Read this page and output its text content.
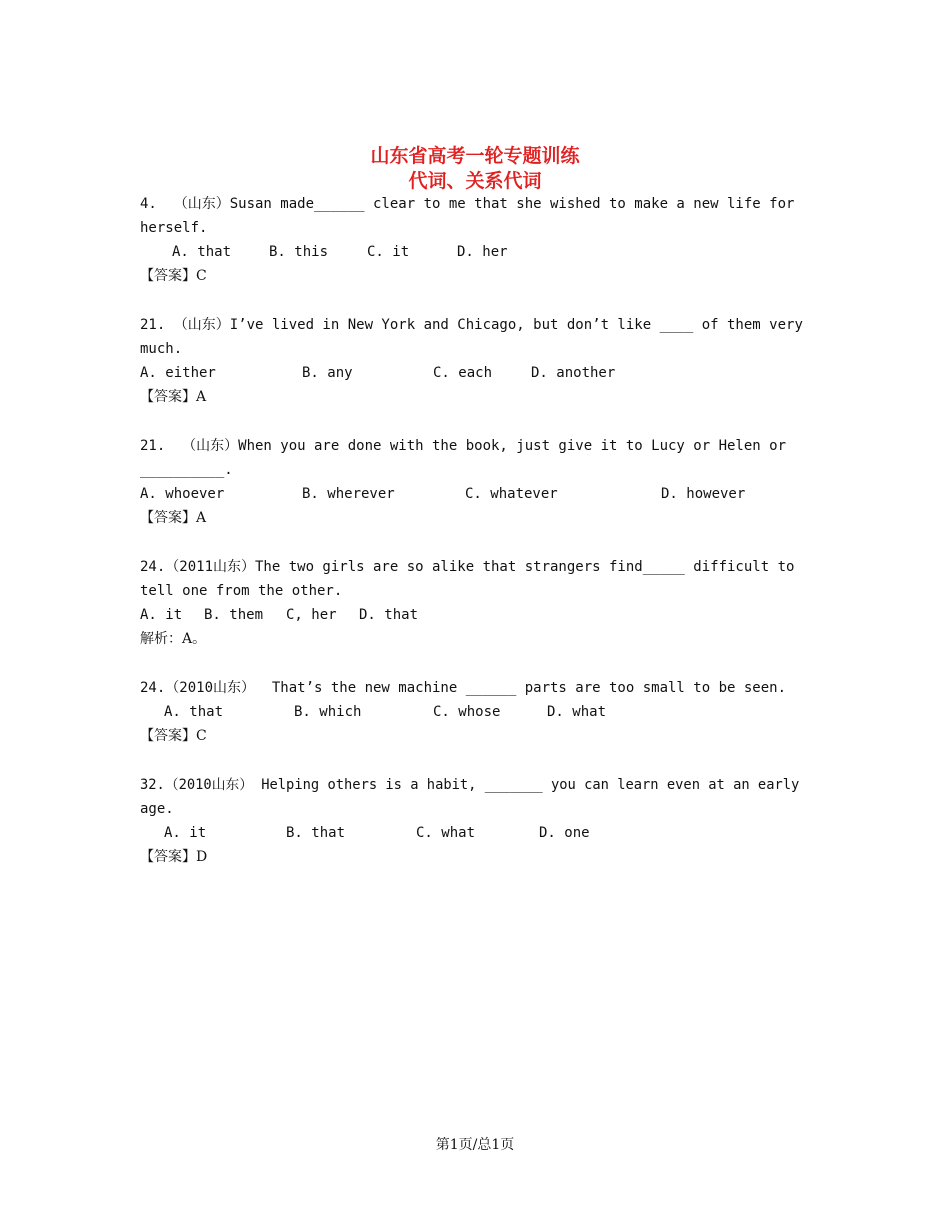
山东省高考一轮专题训练
代词、关系代词
4.  （山东）Susan made______ clear to me that she wished to make a new life for
herself.
A. that	B. this	C. it	D. her
【答案】C
21. （山东）I’ve lived in New York and Chicago, but don’t like ____ of them very
much.
A. either	B. any	C. each	D. another
【答案】A
21.  （山东）When you are done with the book, just give it to Lucy or Helen or
__________.
A. whoever	B. wherever	C. whatever	D. however
【答案】A
24.（2011山东）The two girls are so alike that strangers find_____ difficult to
tell one from the other.
A. it B. them C, her D. that
解析：A。
24.（2010山东）  That’s the new machine ______ parts are too small to be seen.
A. that	B. which	C. whose	D. what
【答案】C
32.（2010山东） Helping others is a habit, _______ you can learn even at an early
age.
A. it	B. that	C. what	D. one
【答案】D
第1页/总1页
